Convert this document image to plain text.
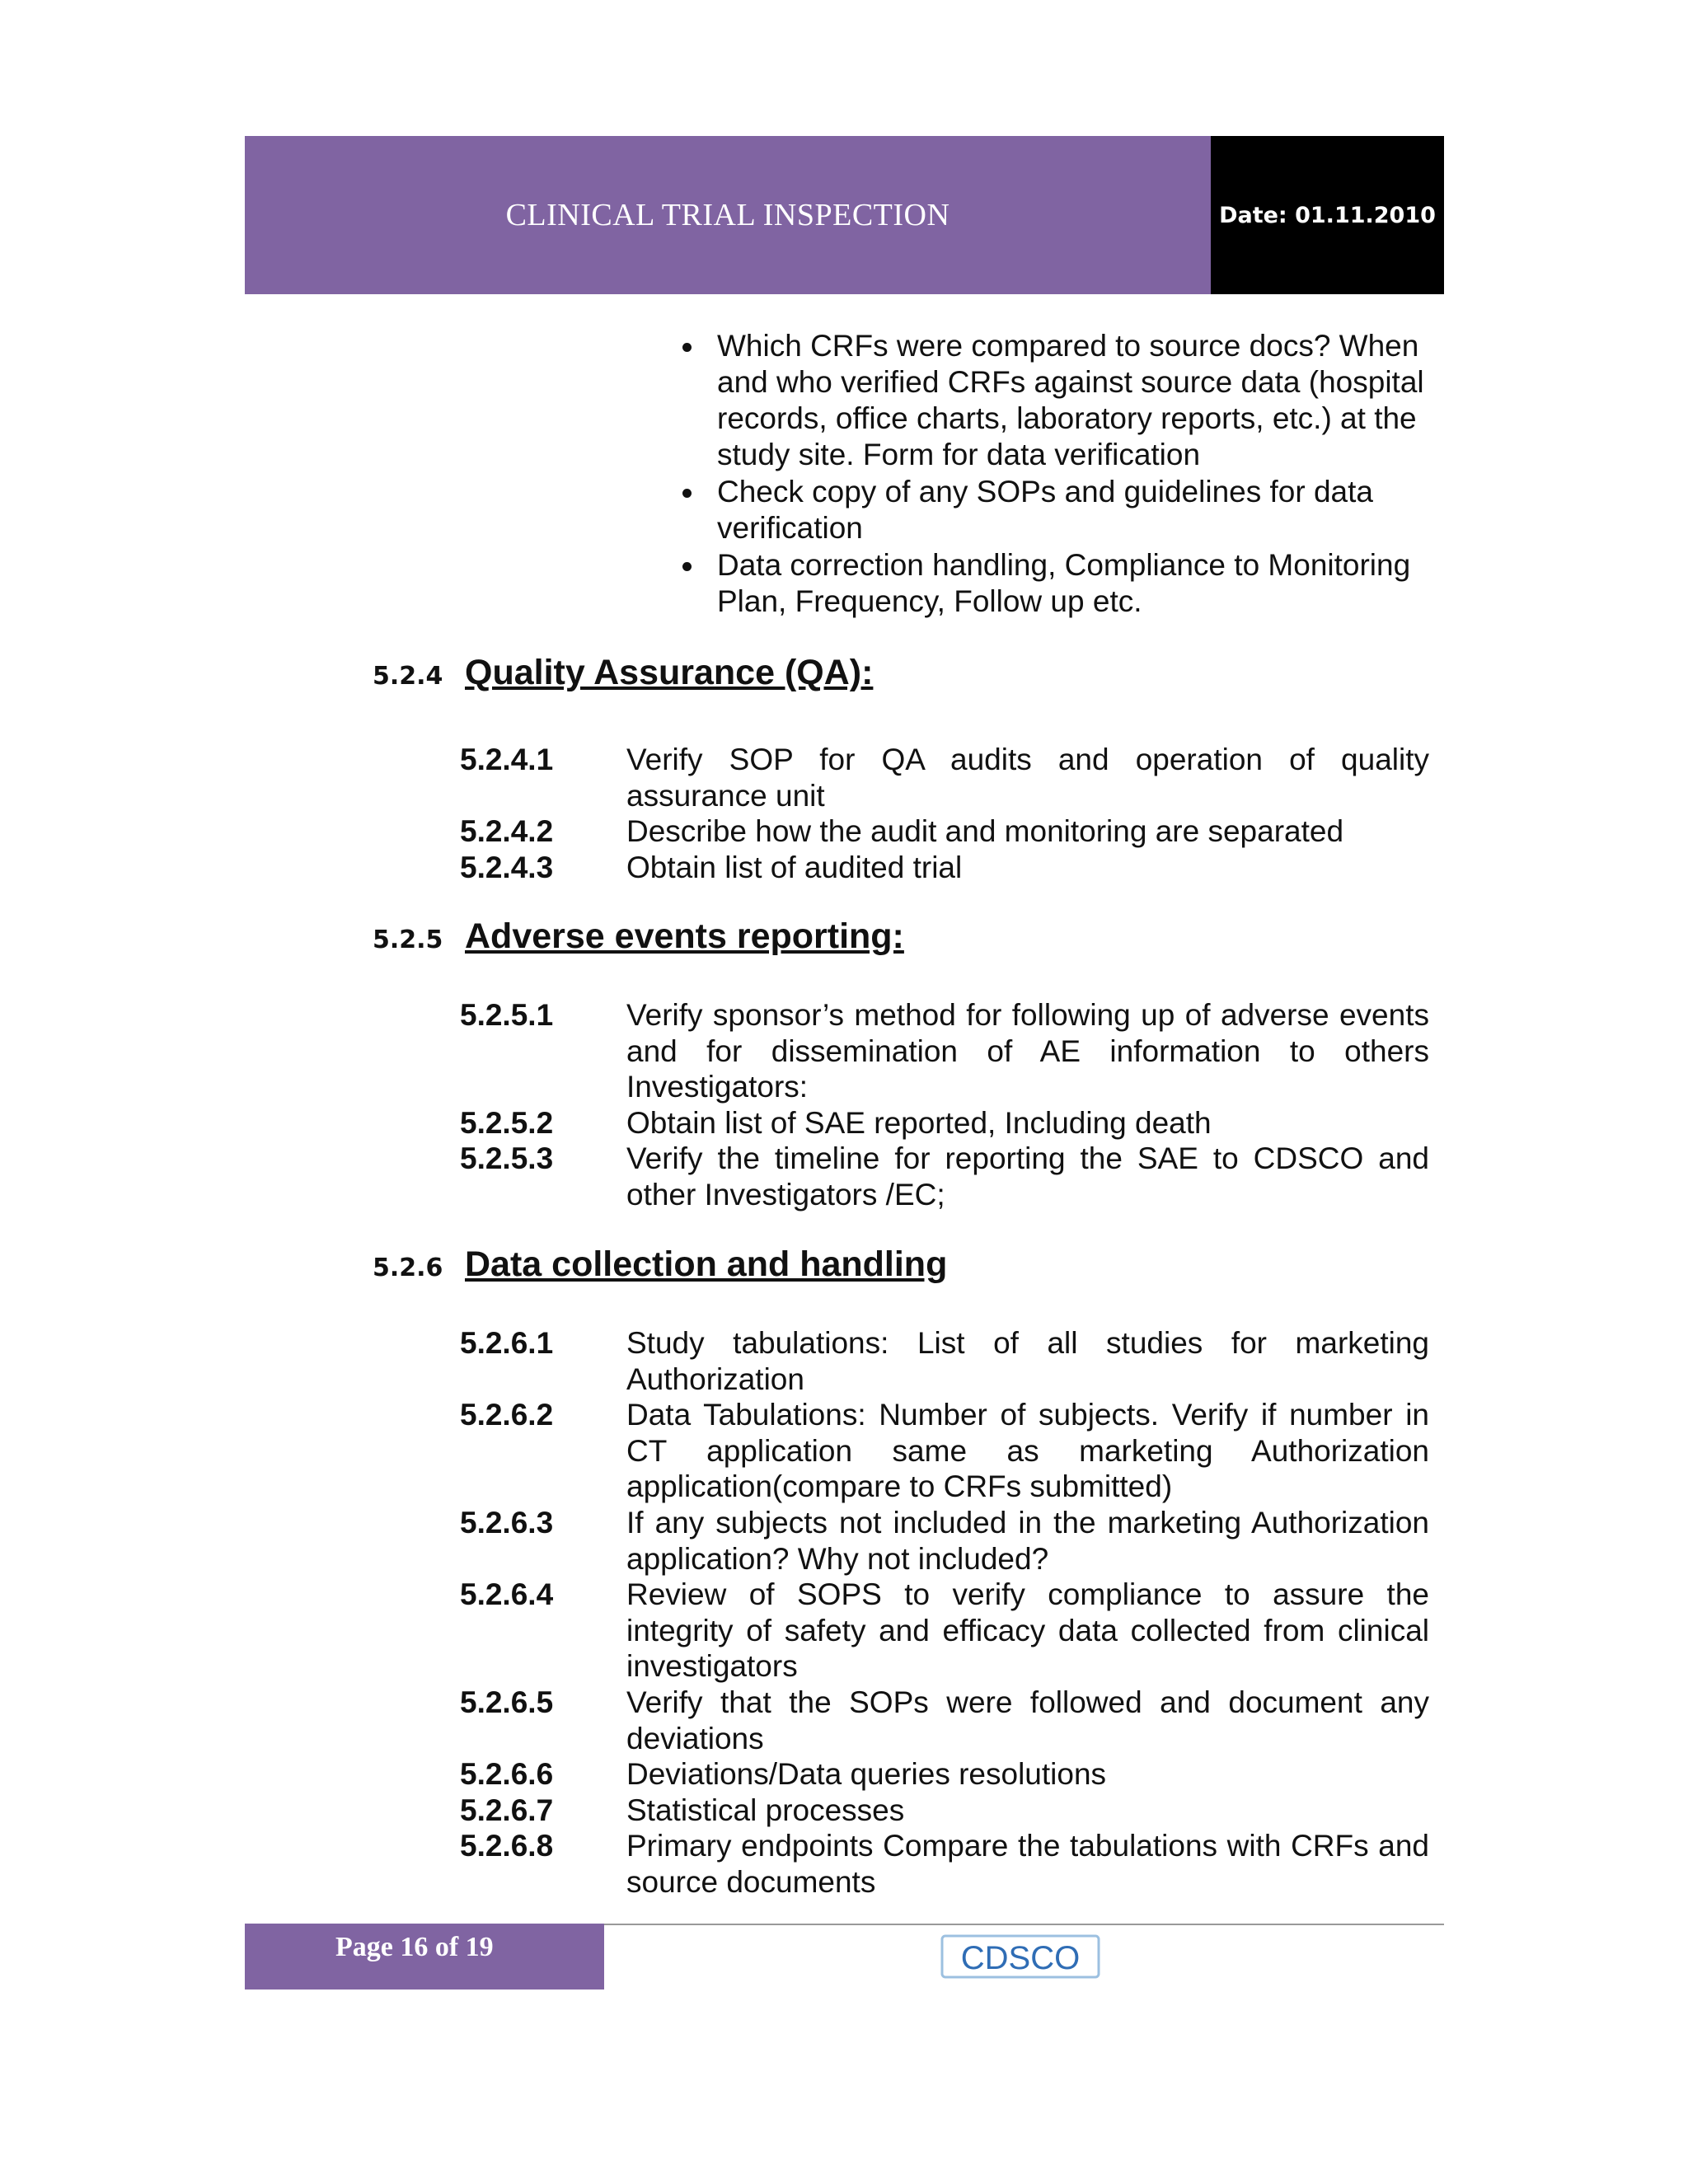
CLINICAL TRIAL INSPECTION	Date: 01.11.2010
Which CRFs were compared to source docs? When and who verified CRFs against source data (hospital records, office charts, laboratory reports, etc.) at the study site. Form for data verification
Check copy of any SOPs and guidelines for data verification
Data correction handling, Compliance to Monitoring Plan, Frequency, Follow up etc.
5.2.4 Quality Assurance (QA):
5.2.4.1	Verify SOP for QA audits and operation of quality assurance unit
5.2.4.2	Describe how the audit and monitoring are separated
5.2.4.3	Obtain list of audited trial
5.2.5 Adverse events reporting:
5.2.5.1	Verify sponsor’s method for following up of adverse events and for dissemination of AE information to others Investigators:
5.2.5.2	Obtain list of SAE reported, Including death
5.2.5.3	Verify the timeline for reporting the SAE to CDSCO and other Investigators /EC;
5.2.6 Data collection and handling
5.2.6.1	Study tabulations: List of all studies for marketing Authorization
5.2.6.2	Data Tabulations: Number of subjects. Verify if number in CT application same as marketing Authorization application(compare to CRFs submitted)
5.2.6.3	If any subjects not included in the marketing Authorization application? Why not included?
5.2.6.4	Review of SOPS to verify compliance to assure the integrity of safety and efficacy data collected from clinical investigators
5.2.6.5	Verify that the SOPs were followed and document any deviations
5.2.6.6	Deviations/Data queries resolutions
5.2.6.7	Statistical processes
5.2.6.8	Primary endpoints Compare the tabulations with CRFs and source documents
Page 16 of 19	CDSCO
